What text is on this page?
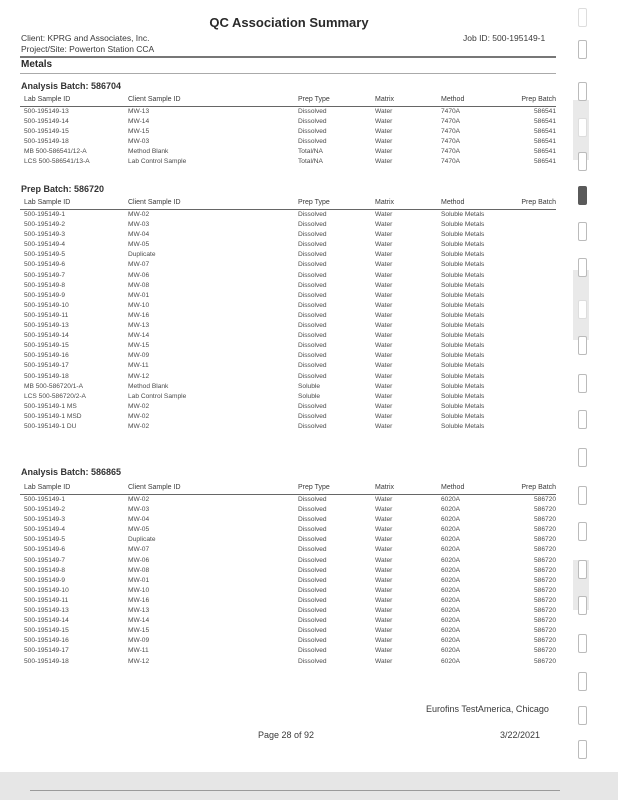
QC Association Summary
Client: KPRG and Associates, Inc.
Project/Site: Powerton Station CCA
Job ID: 500-195149-1
Metals
Analysis Batch: 586704
Lab Sample ID	Client Sample ID	Prep Type	Matrix	Method	Prep Batch
500-195149-13	MW-13	Dissolved	Water	7470A	586541
500-195149-14	MW-14	Dissolved	Water	7470A	586541
500-195149-15	MW-15	Dissolved	Water	7470A	586541
500-195149-18	MW-03	Dissolved	Water	7470A	586541
MB 500-586541/12-A	Method Blank	Total/NA	Water	7470A	586541
LCS 500-586541/13-A	Lab Control Sample	Total/NA	Water	7470A	586541
Prep Batch: 586720
Lab Sample ID	Client Sample ID	Prep Type	Matrix	Method	Prep Batch
500-195149-1	MW-02	Dissolved	Water	Soluble Metals
500-195149-2	MW-03	Dissolved	Water	Soluble Metals
500-195149-3	MW-04	Dissolved	Water	Soluble Metals
500-195149-4	MW-05	Dissolved	Water	Soluble Metals
500-195149-5	Duplicate	Dissolved	Water	Soluble Metals
500-195149-6	MW-07	Dissolved	Water	Soluble Metals
500-195149-7	MW-06	Dissolved	Water	Soluble Metals
500-195149-8	MW-08	Dissolved	Water	Soluble Metals
500-195149-9	MW-01	Dissolved	Water	Soluble Metals
500-195149-10	MW-10	Dissolved	Water	Soluble Metals
500-195149-11	MW-16	Dissolved	Water	Soluble Metals
500-195149-13	MW-13	Dissolved	Water	Soluble Metals
500-195149-14	MW-14	Dissolved	Water	Soluble Metals
500-195149-15	MW-15	Dissolved	Water	Soluble Metals
500-195149-16	MW-09	Dissolved	Water	Soluble Metals
500-195149-17	MW-11	Dissolved	Water	Soluble Metals
500-195149-18	MW-12	Dissolved	Water	Soluble Metals
MB 500-586720/1-A	Method Blank	Soluble	Water	Soluble Metals
LCS 500-586720/2-A	Lab Control Sample	Soluble	Water	Soluble Metals
500-195149-1 MS	MW-02	Dissolved	Water	Soluble Metals
500-195149-1 MSD	MW-02	Dissolved	Water	Soluble Metals
500-195149-1 DU	MW-02	Dissolved	Water	Soluble Metals
Analysis Batch: 586865
Lab Sample ID	Client Sample ID	Prep Type	Matrix	Method	Prep Batch
500-195149-1	MW-02	Dissolved	Water	6020A	586720
500-195149-2	MW-03	Dissolved	Water	6020A	586720
500-195149-3	MW-04	Dissolved	Water	6020A	586720
500-195149-4	MW-05	Dissolved	Water	6020A	586720
500-195149-5	Duplicate	Dissolved	Water	6020A	586720
500-195149-6	MW-07	Dissolved	Water	6020A	586720
500-195149-7	MW-06	Dissolved	Water	6020A	586720
500-195149-8	MW-08	Dissolved	Water	6020A	586720
500-195149-9	MW-01	Dissolved	Water	6020A	586720
500-195149-10	MW-10	Dissolved	Water	6020A	586720
500-195149-11	MW-16	Dissolved	Water	6020A	586720
500-195149-13	MW-13	Dissolved	Water	6020A	586720
500-195149-14	MW-14	Dissolved	Water	6020A	586720
500-195149-15	MW-15	Dissolved	Water	6020A	586720
500-195149-16	MW-09	Dissolved	Water	6020A	586720
500-195149-17	MW-11	Dissolved	Water	6020A	586720
500-195149-18	MW-12	Dissolved	Water	6020A	586720
Eurofins TestAmerica, Chicago
Page 28 of 92	3/22/2021
